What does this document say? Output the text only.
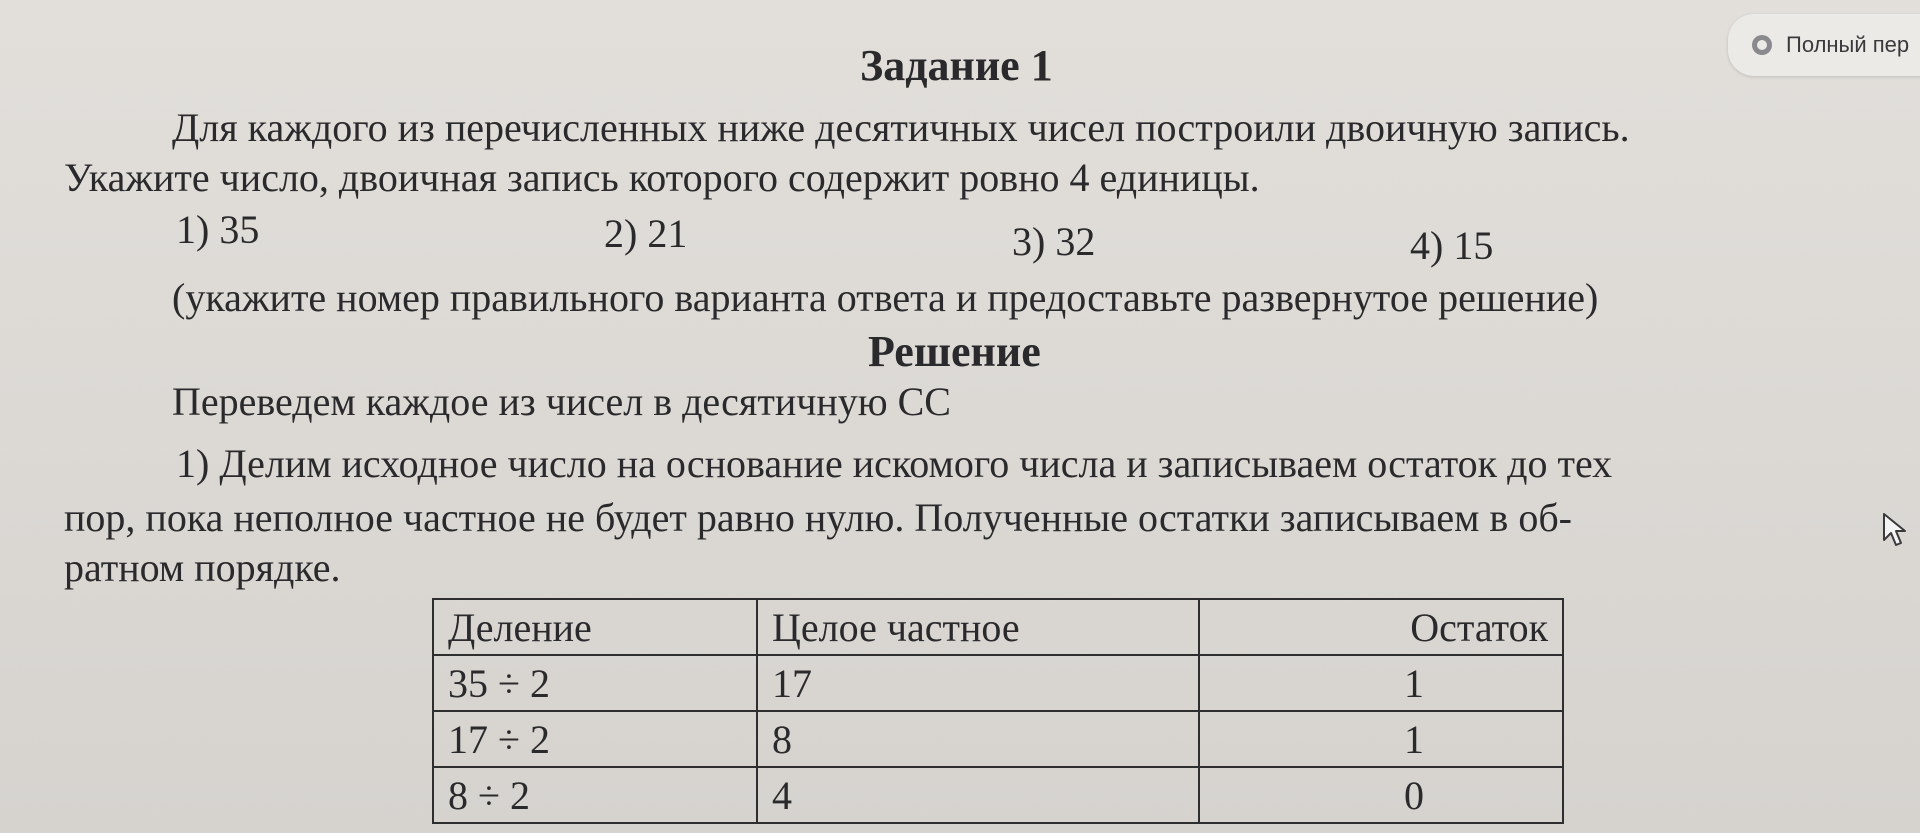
Полный пер
Задание 1
Для каждого из перечисленных ниже десятичных чисел построили двоичную запись.
Укажите число, двоичная запись которого содержит ровно 4 единицы.
1) 35	2) 21	3) 32	4) 15
(укажите номер правильного варианта ответа и предоставьте развернутое решение)
Решение
Переведем каждое из чисел в десятичную СС
1) Делим исходное число на основание искомого числа и записываем остаток до тех
пор, пока неполное частное не будет равно нулю. Полученные остатки записываем в об-
ратном порядке.
Деление	Целое частное	Остаток
35 ÷ 2	17	1
17 ÷ 2	8	1
8 ÷ 2	4	0
